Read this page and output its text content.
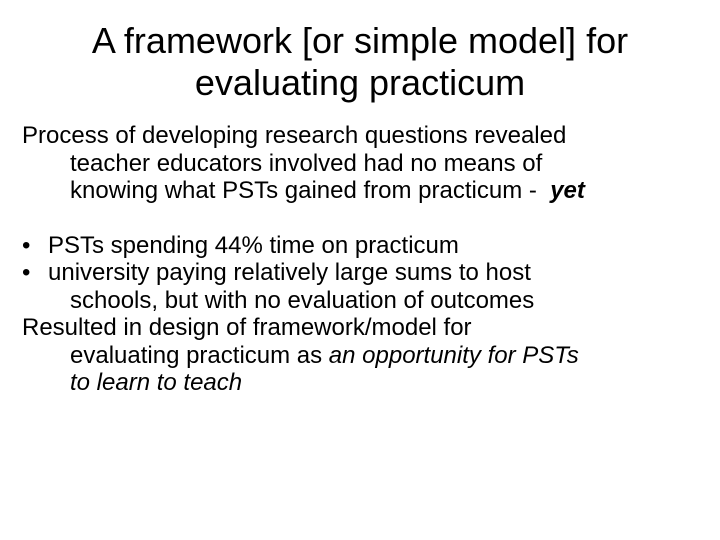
A framework [or simple model] for
evaluating practicum

Process of developing research questions revealed
teacher educators involved had no means of
knowing what PSTs gained from practicum -  yet

• PSTs spending 44% time on practicum
• university paying relatively large sums to host
schools, but with no evaluation of outcomes

Resulted in design of framework/model for
evaluating practicum as an opportunity for PSTs
to learn to teach
